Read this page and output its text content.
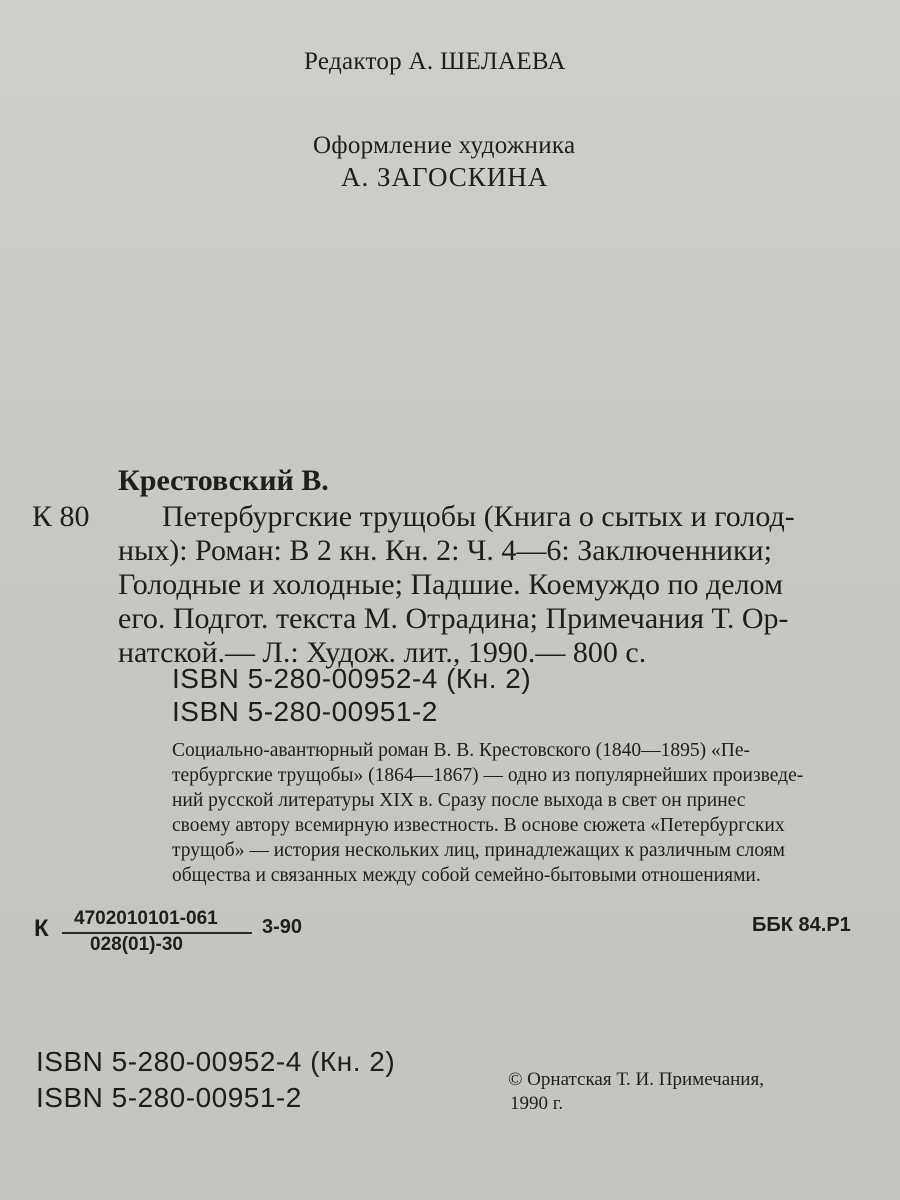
Редактор А. ШЕЛАЕВА
Оформление художника
А. ЗАГОСКИНА
Крестовский В.
К 80	Петербургские трущобы (Книга о сытых и голод-
ных): Роман: В 2 кн. Кн. 2: Ч. 4—6: Заключенники;
Голодные и холодные; Падшие. Коемуждо по делом
его. Подгот. текста М. Отрадина; Примечания Т. Ор-
натской.— Л.: Худож. лит., 1990.— 800 с.
ISBN 5-280-00952-4 (Кн. 2)
ISBN 5-280-00951-2
Социально-авантюрный роман В. В. Крестовского (1840—1895) «Пе-
тербургские трущобы» (1864—1867) — одно из популярнейших произведе-
ний русской литературы XIX в. Сразу после выхода в свет он принес
своему автору всемирную известность. В основе сюжета «Петербургских
трущоб» — история нескольких лиц, принадлежащих к различным слоям
общества и связанных между собой семейно-бытовыми отношениями.
К	4702010101-061
028(01)-30
3-90	ББК 84.Р1
ISBN 5-280-00952-4 (Кн. 2)
ISBN 5-280-00951-2
© Орнатская Т. И. Примечания,
1990 г.
